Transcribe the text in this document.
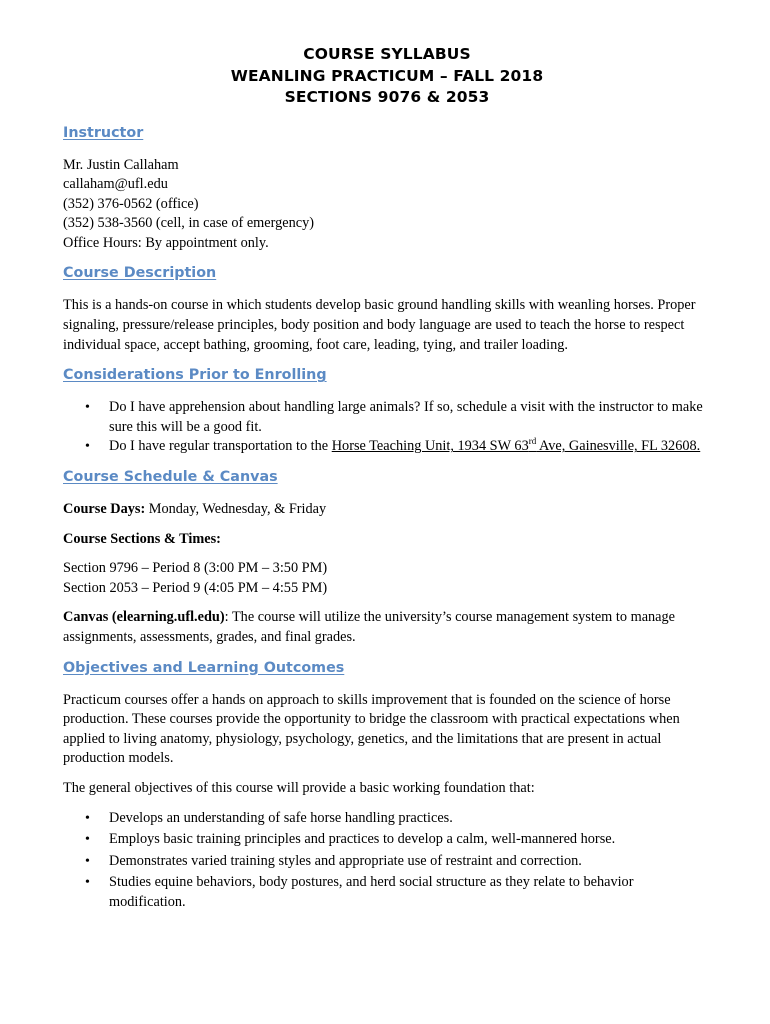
COURSE SYLLABUS
WEANLING PRACTICUM – FALL 2018
SECTIONS 9076 & 2053
Instructor

Mr. Justin Callaham

callaham@ufl.edu

(352) 376-0562 (office)

(352) 538-3560 (cell, in case of emergency)

Office Hours: By appointment only.

Course Description

This is a hands-on course in which students develop basic ground handling skills with weanling horses. Proper signaling, pressure/release principles, body position and body language are used to teach the horse to respect individual space, accept bathing, grooming, foot care, leading, tying, and trailer loading.

Considerations Prior to Enrolling
• Do I have apprehension about handling large animals? If so, schedule a visit with the instructor to make sure this will be a good fit.
• Do I have regular transportation to the Horse Teaching Unit, 1934 SW 63rd Ave, Gainesville, FL 32608.
Course Schedule & Canvas

Course Days: Monday, Wednesday, & Friday

Course Sections & Times:

Section 9796 – Period 8 (3:00 PM – 3:50 PM)

Section 2053 – Period 9 (4:05 PM – 4:55 PM)

Canvas (elearning.ufl.edu): The course will utilize the university’s course management system to manage assignments, assessments, grades, and final grades.

Objectives and Learning Outcomes

Practicum courses offer a hands on approach to skills improvement that is founded on the science of horse production. These courses provide the opportunity to bridge the classroom with practical expectations when applied to living anatomy, physiology, psychology, genetics, and the limitations that are present in actual production models.

The general objectives of this course will provide a basic working foundation that:

• Develops an understanding of safe horse handling practices.
• Employs basic training principles and practices to develop a calm, well-mannered horse.
• Demonstrates varied training styles and appropriate use of restraint and correction.
• Studies equine behaviors, body postures, and herd social structure as they relate to behavior modification.
